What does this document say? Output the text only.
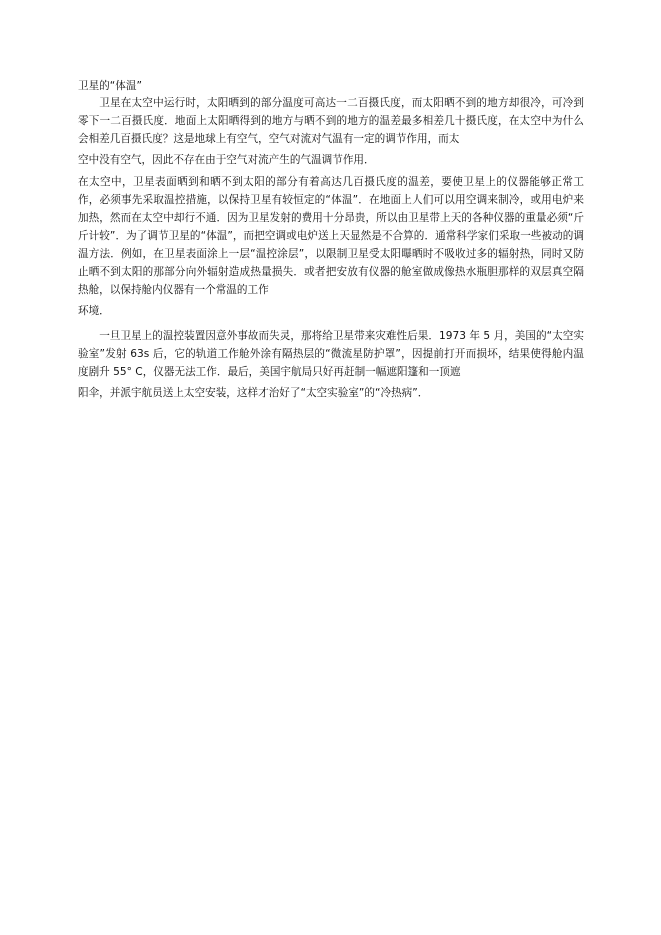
卫星的“体温”

卫星在太空中运行时，太阳晒到的部分温度可高达一二百摄氏度，而太阳晒不到的地方却很冷，可冷到零下一二百摄氏度．地面上太阳晒得到的地方与晒不到的地方的温差最多相差几十摄氏度，在太空中为什么会相差几百摄氏度？这是地球上有空气，空气对流对气温有一定的调节作用，而太
空中没有空气，因此不存在由于空气对流产生的气温调节作用．

在太空中，卫星表面晒到和晒不到太阳的部分有着高达几百摄氏度的温差，要使卫星上的仪器能够正常工作，必须事先采取温控措施，以保持卫星有较恒定的“体温”．在地面上人们可以用空调来制冷，或用电炉来加热，然而在太空中却行不通．因为卫星发射的费用十分昂贵，所以由卫星带上天的各种仪器的重量必须“斤斤计较”．为了调节卫星的“体温”，而把空调或电炉送上天显然是不合算的．通常科学家们采取一些被动的调温方法．例如，在卫星表面涂上一层“温控涂层”，以限制卫星受太阳曝晒时不吸收过多的辐射热，同时又防止晒不到太阳的那部分向外辐射造成热量损失．或者把安放有仪器的舱室做成像热水瓶胆那样的双层真空隔热舱，以保持舱内仪器有一个常温的工作
环境．

一旦卫星上的温控装置因意外事故而失灵，那将给卫星带来灾难性后果．1973 年 5 月，美国的“太空实验室”发射 63s 后，它的轨道工作舱外涂有隔热层的“微流星防护罩”，因提前打开而损坏，结果使得舱内温度剧升 55° C，仪器无法工作．最后，美国宇航局只好再赶制一幅遮阳篷和一顶遮
阳伞，并派宇航员送上太空安装，这样才治好了“太空实验室”的“冷热病”．
